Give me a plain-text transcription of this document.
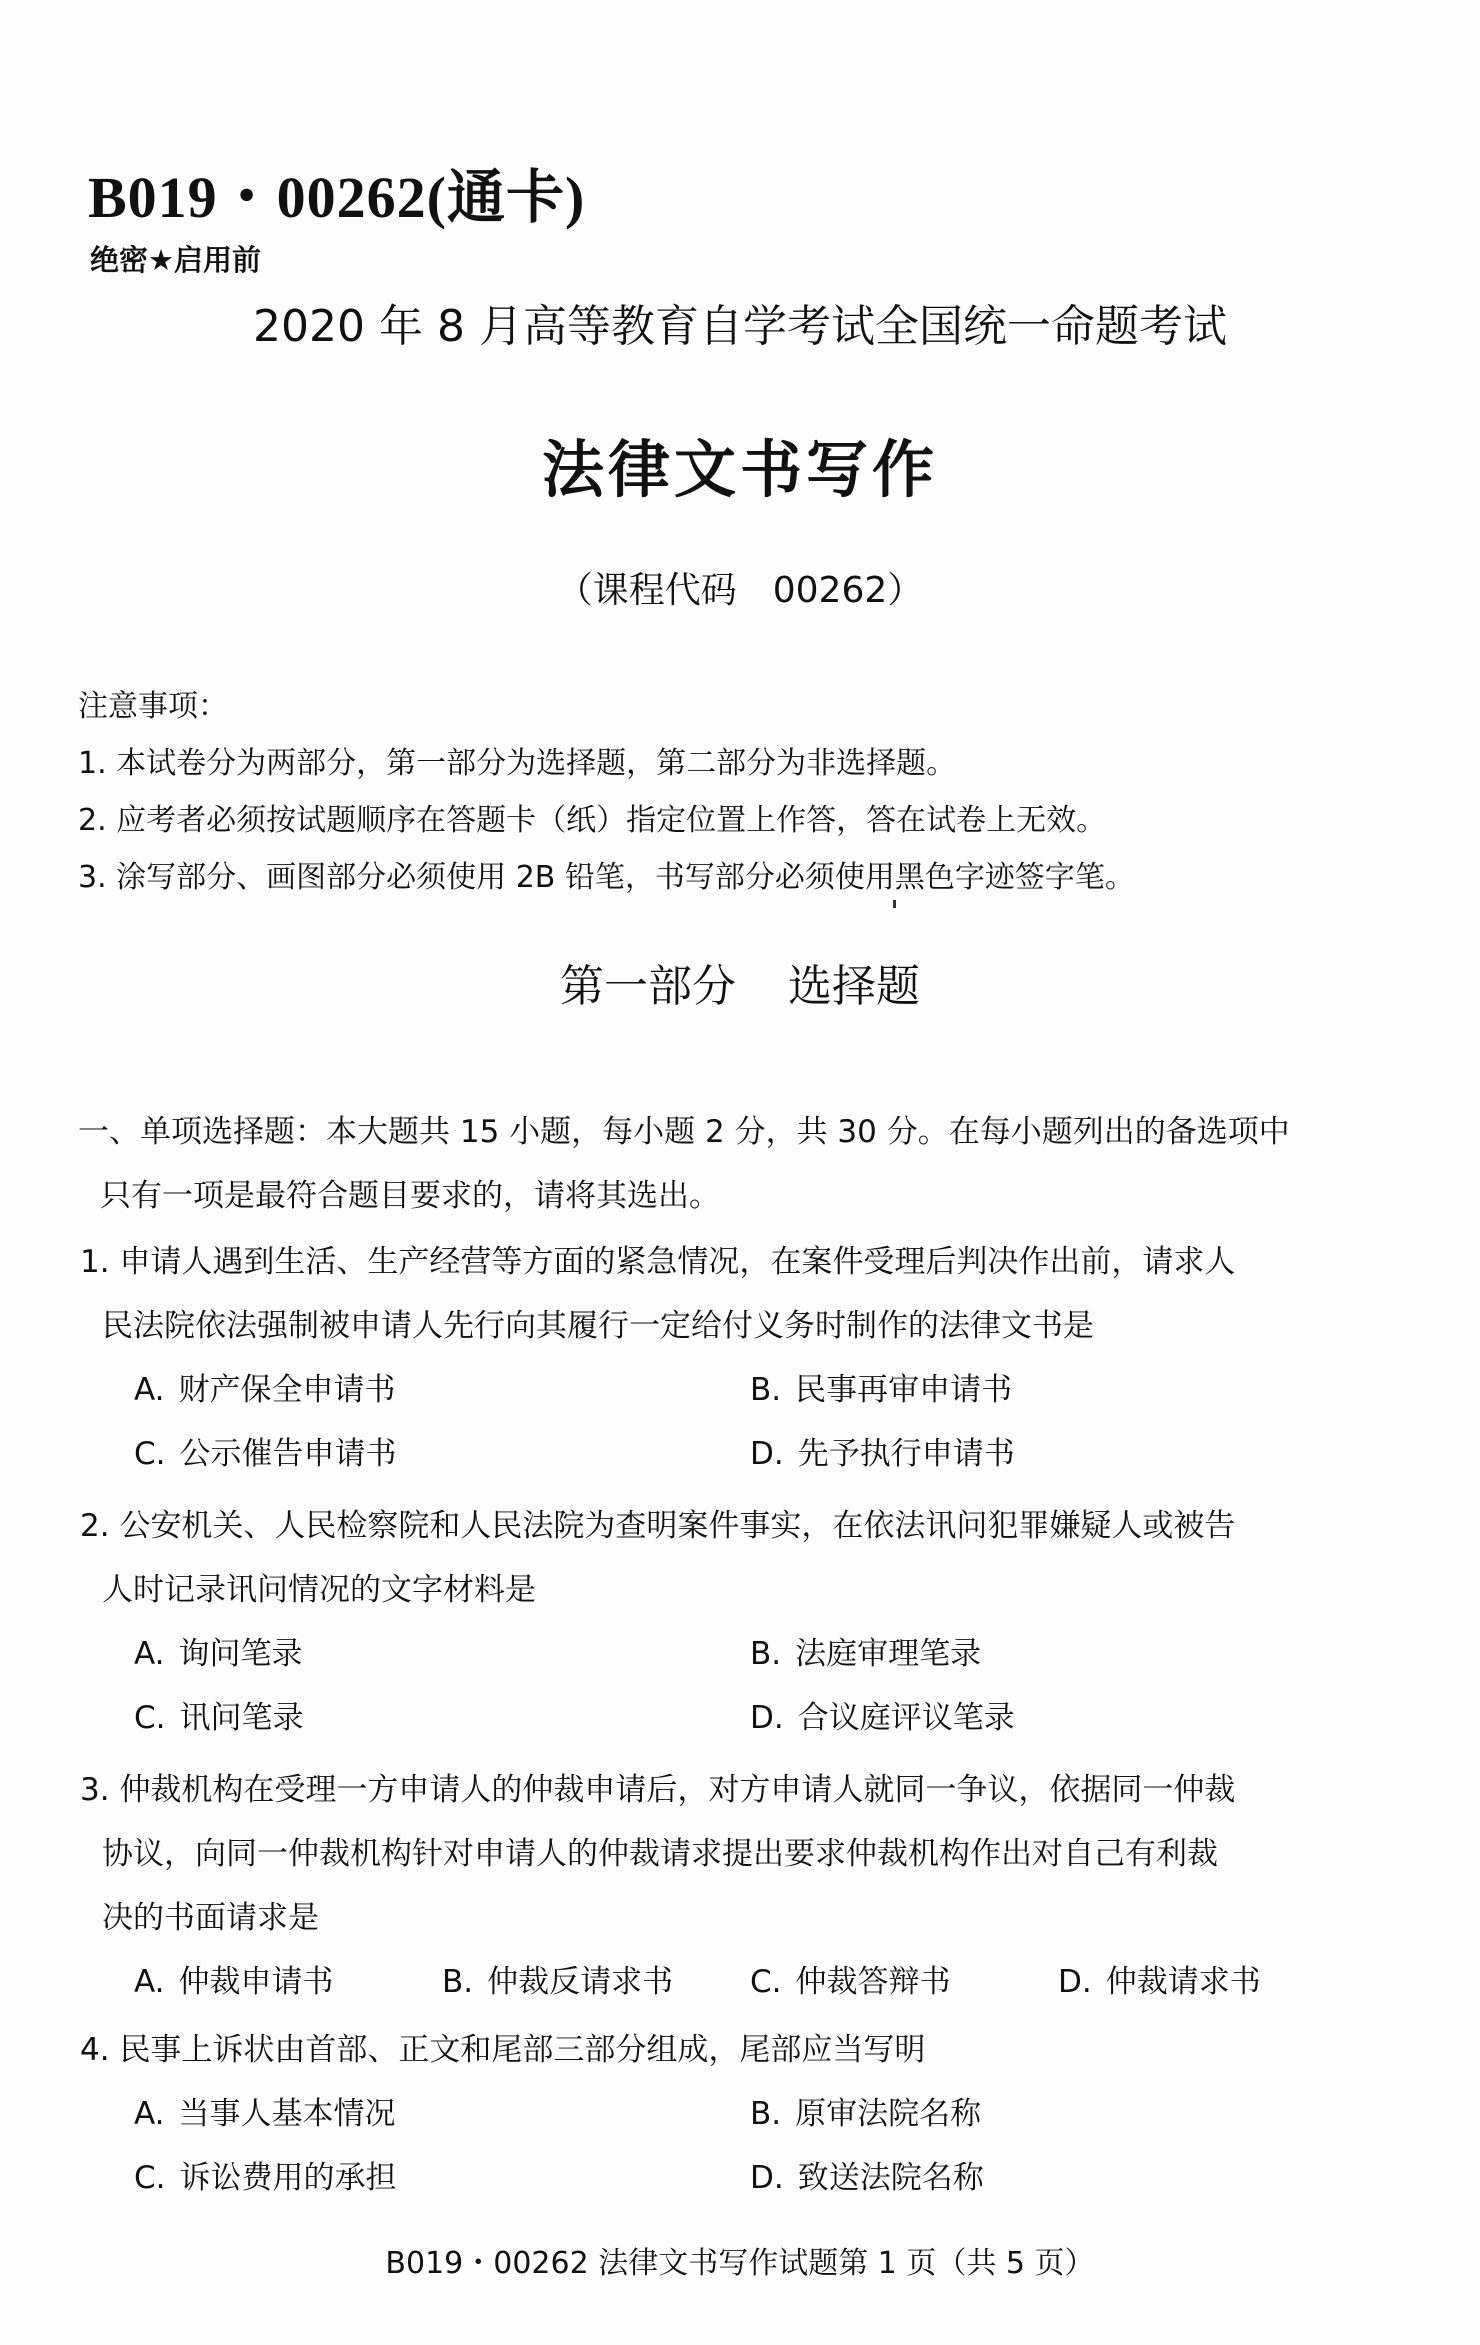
B019・00262(通卡)
绝密★启用前
2020 年 8 月高等教育自学考试全国统一命题考试
法律文书写作
（课程代码　00262）
注意事项：
1. 本试卷分为两部分，第一部分为选择题，第二部分为非选择题。
2. 应考者必须按试题顺序在答题卡（纸）指定位置上作答，答在试卷上无效。
3. 涂写部分、画图部分必须使用 2B 铅笔，书写部分必须使用黑色字迹签字笔。
第一部分 选择题
一、单项选择题：本大题共 15 小题，每小题 2 分，共 30 分。在每小题列出的备选项中
只有一项是最符合题目要求的，请将其选出。
1. 申请人遇到生活、生产经营等方面的紧急情况，在案件受理后判决作出前，请求人
民法院依法强制被申请人先行向其履行一定给付义务时制作的法律文书是
A. 财产保全申请书	B. 民事再审申请书
C. 公示催告申请书	D. 先予执行申请书
2. 公安机关、人民检察院和人民法院为查明案件事实，在依法讯问犯罪嫌疑人或被告
人时记录讯问情况的文字材料是
A. 询问笔录	B. 法庭审理笔录
C. 讯问笔录	D. 合议庭评议笔录
3. 仲裁机构在受理一方申请人的仲裁申请后，对方申请人就同一争议，依据同一仲裁
协议，向同一仲裁机构针对申请人的仲裁请求提出要求仲裁机构作出对自己有利裁
决的书面请求是
A. 仲裁申请书	B. 仲裁反请求书	C. 仲裁答辩书	D. 仲裁请求书
4. 民事上诉状由首部、正文和尾部三部分组成，尾部应当写明
A. 当事人基本情况	B. 原审法院名称
C. 诉讼费用的承担	D. 致送法院名称
B019・00262 法律文书写作试题第 1 页（共 5 页）
